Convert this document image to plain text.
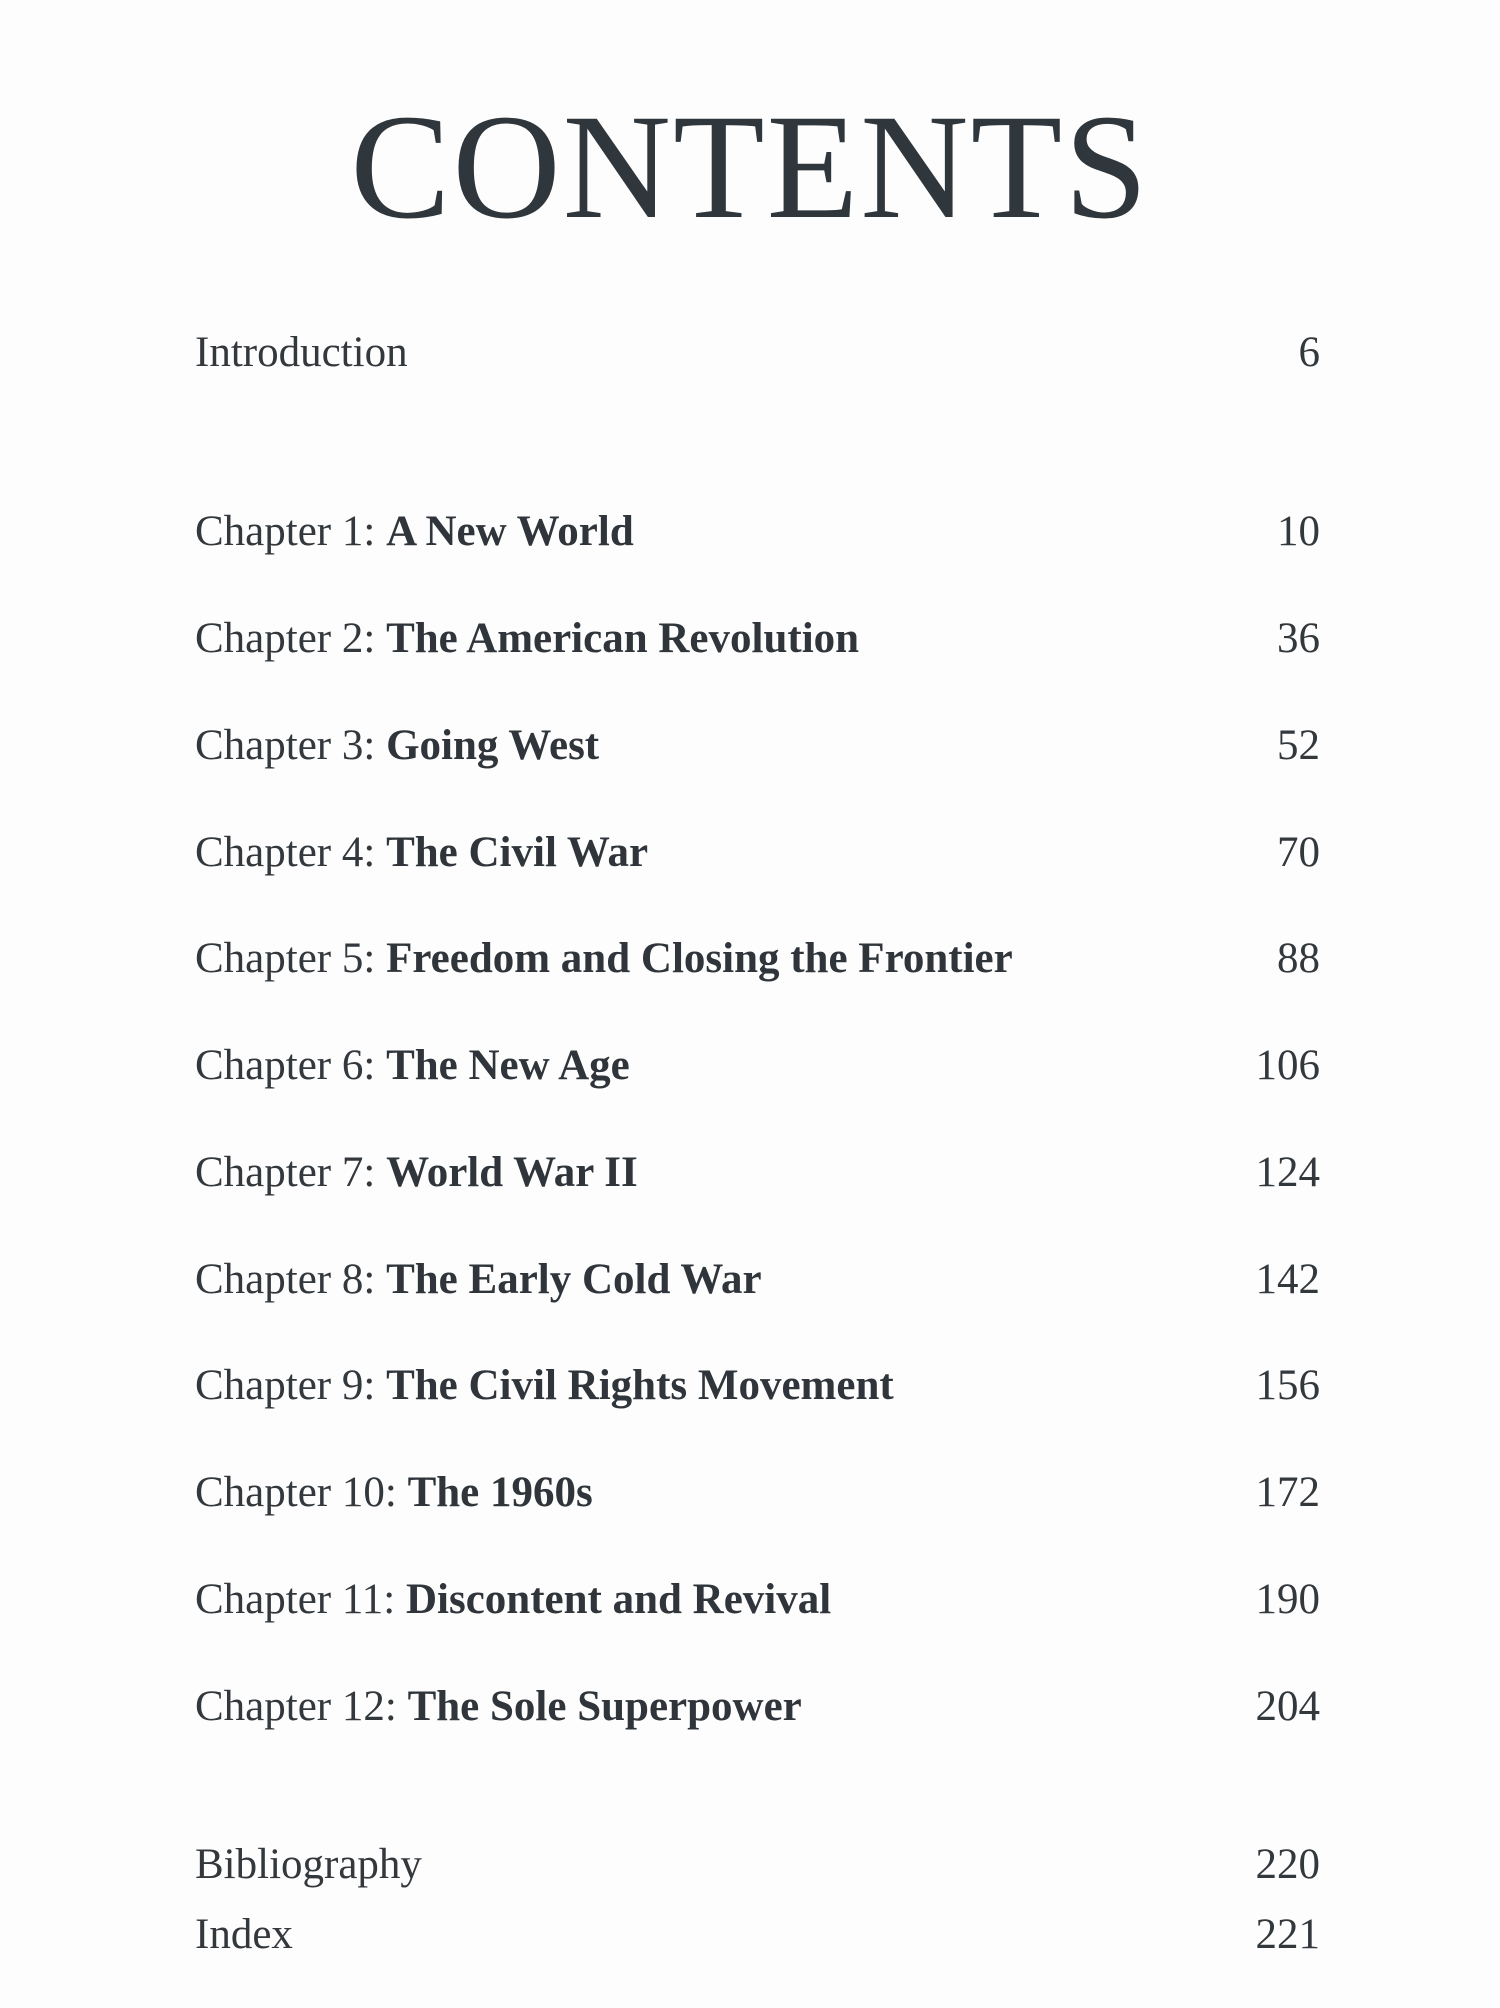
CONTENTS
Introduction	6
Chapter 1: A New World	10
Chapter 2: The American Revolution	36
Chapter 3: Going West	52
Chapter 4: The Civil War	70
Chapter 5: Freedom and Closing the Frontier	88
Chapter 6: The New Age	106
Chapter 7: World War II	124
Chapter 8: The Early Cold War	142
Chapter 9: The Civil Rights Movement	156
Chapter 10: The 1960s	172
Chapter 11: Discontent and Revival	190
Chapter 12: The Sole Superpower	204
Bibliography	220
Index	221
